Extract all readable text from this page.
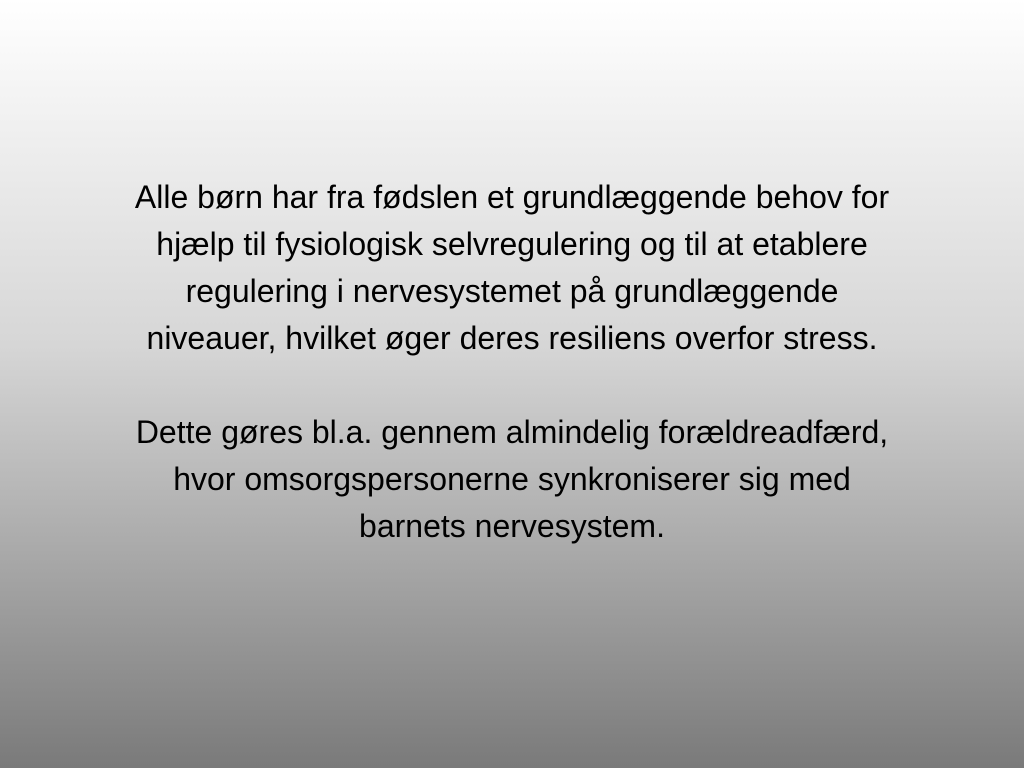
Alle børn har fra fødslen et grundlæggende behov for
hjælp til fysiologisk selvregulering og til at etablere
regulering i nervesystemet på grundlæggende
niveauer, hvilket øger deres resiliens overfor stress.

Dette gøres bl.a. gennem almindelig forældreadfærd,
hvor omsorgspersonerne synkroniserer sig med
barnets nervesystem.
